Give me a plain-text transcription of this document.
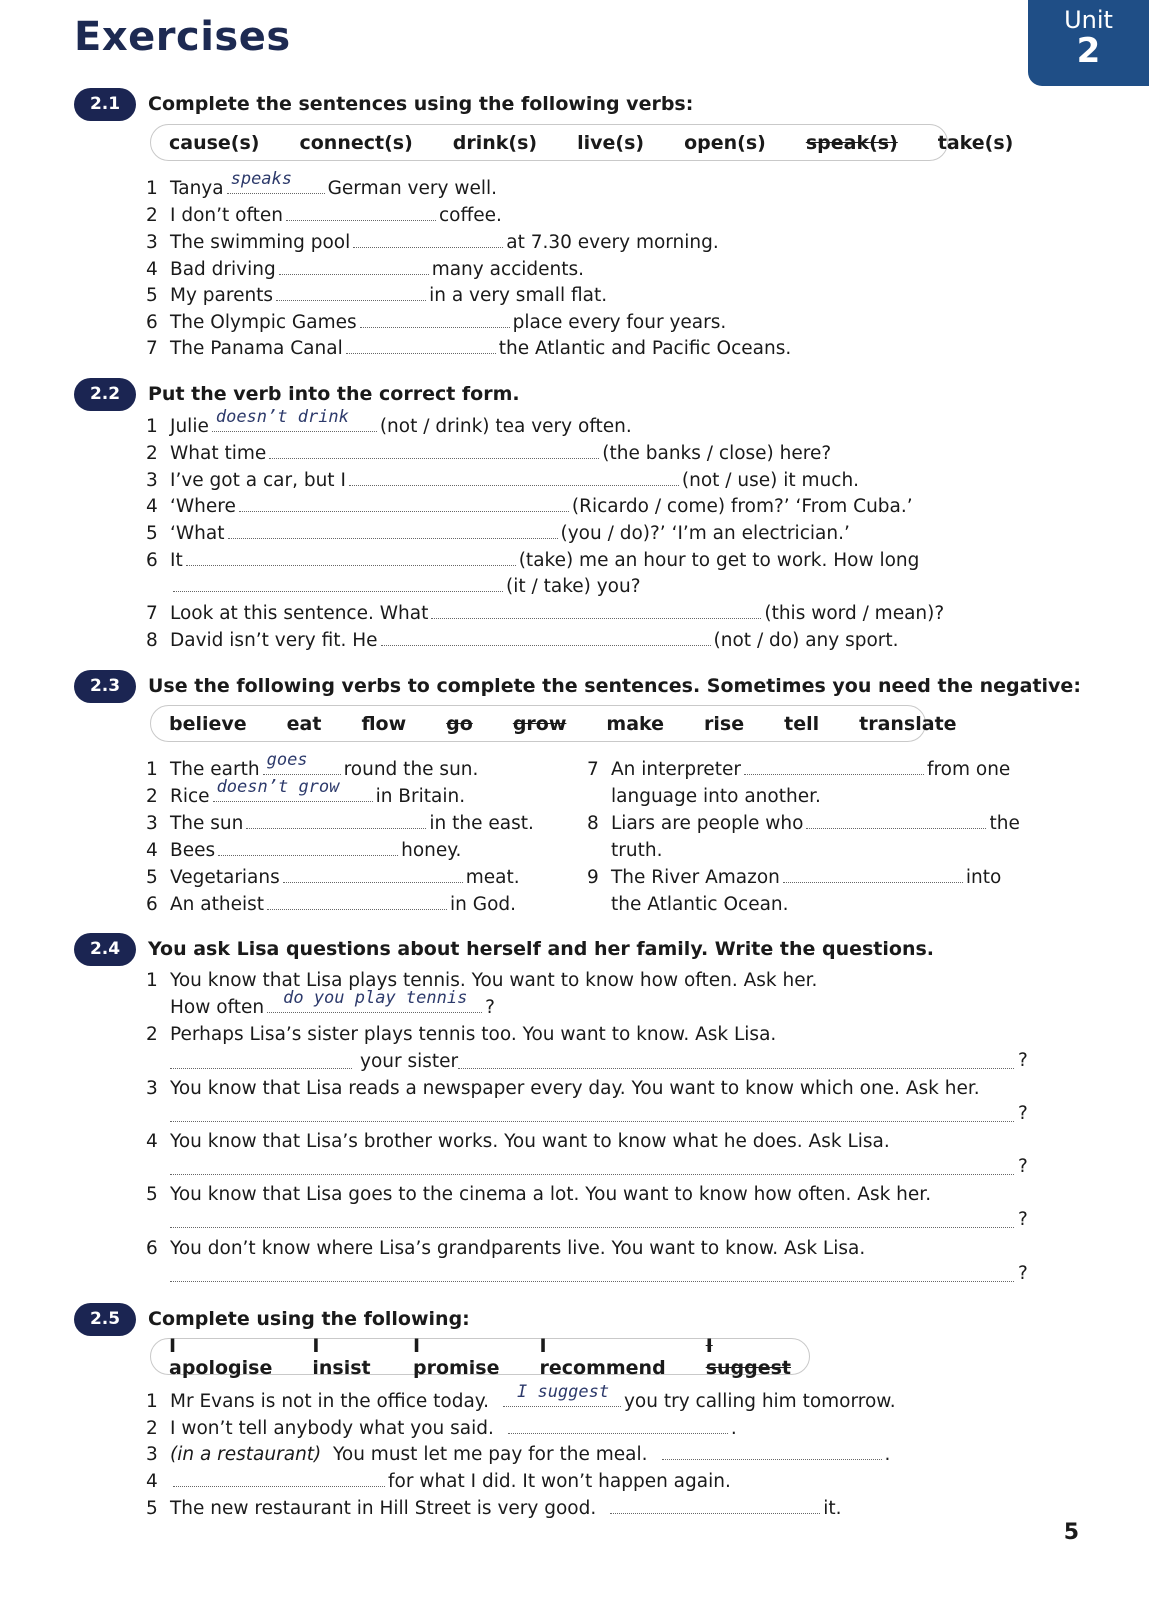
Exercises	Unit
2
2.1	Complete the sentences using the following verbs:
cause(s) connect(s) drink(s) live(s) open(s) speak(s) take(s)
1 Tanya speaks German very well.
2 I don’t often	coffee.
3 The swimming pool	at 7.30 every morning.
4 Bad driving	many accidents.
5 My parents	in a very small flat.
6 The Olympic Games	place every four years.
7 The Panama Canal	the Atlantic and Pacific Oceans.
2.2	Put the verb into the correct form.
1 Julie doesn’t drink (not / drink) tea very often.
2 What time	(the banks / close) here?
3 I’ve got a car, but I	(not / use) it much.
4 ‘Where	(Ricardo / come) from?’ ‘From Cuba.’
5 ‘What	(you / do)?’ ‘I’m an electrician.’
6 It	(take) me an hour to get to work. How long
(it / take) you?
7 Look at this sentence. What	(this word / mean)?
8 David isn’t very fit. He	(not / do) any sport.
2.3	Use the following verbs to complete the sentences. Sometimes you need the negative:
believe eat flow go grow make rise tell translate
1 The earth goes round the sun.
2 Rice doesn’t grow in Britain.
3 The sun	in the east.
4 Bees	honey.
5 Vegetarians	meat.
6 An atheist	in God.
7 An interpreter	from one
language into another.
8 Liars are people who	the
truth.
9 The River Amazon	into
the Atlantic Ocean.
2.4	You ask Lisa questions about herself and her family. Write the questions.
1 You know that Lisa plays tennis. You want to know how often. Ask her.
How often do you play tennis ?
2 Perhaps Lisa’s sister plays tennis too. You want to know. Ask Lisa.
your sister	?
3 You know that Lisa reads a newspaper every day. You want to know which one. Ask her.
?
4 You know that Lisa’s brother works. You want to know what he does. Ask Lisa.
?
5 You know that Lisa goes to the cinema a lot. You want to know how often. Ask her.
?
6 You don’t know where Lisa’s grandparents live. You want to know. Ask Lisa.
?
2.5	Complete using the following:
I apologise
I insist
I promise
I recommend
I suggest
1 Mr Evans is not in the office today. I suggest you try calling him tomorrow.
2 I won’t tell anybody what you said.	.
3 (in a restaurant) You must let me pay for the meal.	.
4	for what I did. It won’t happen again.
5 The new restaurant in Hill Street is very good.	it.
5
